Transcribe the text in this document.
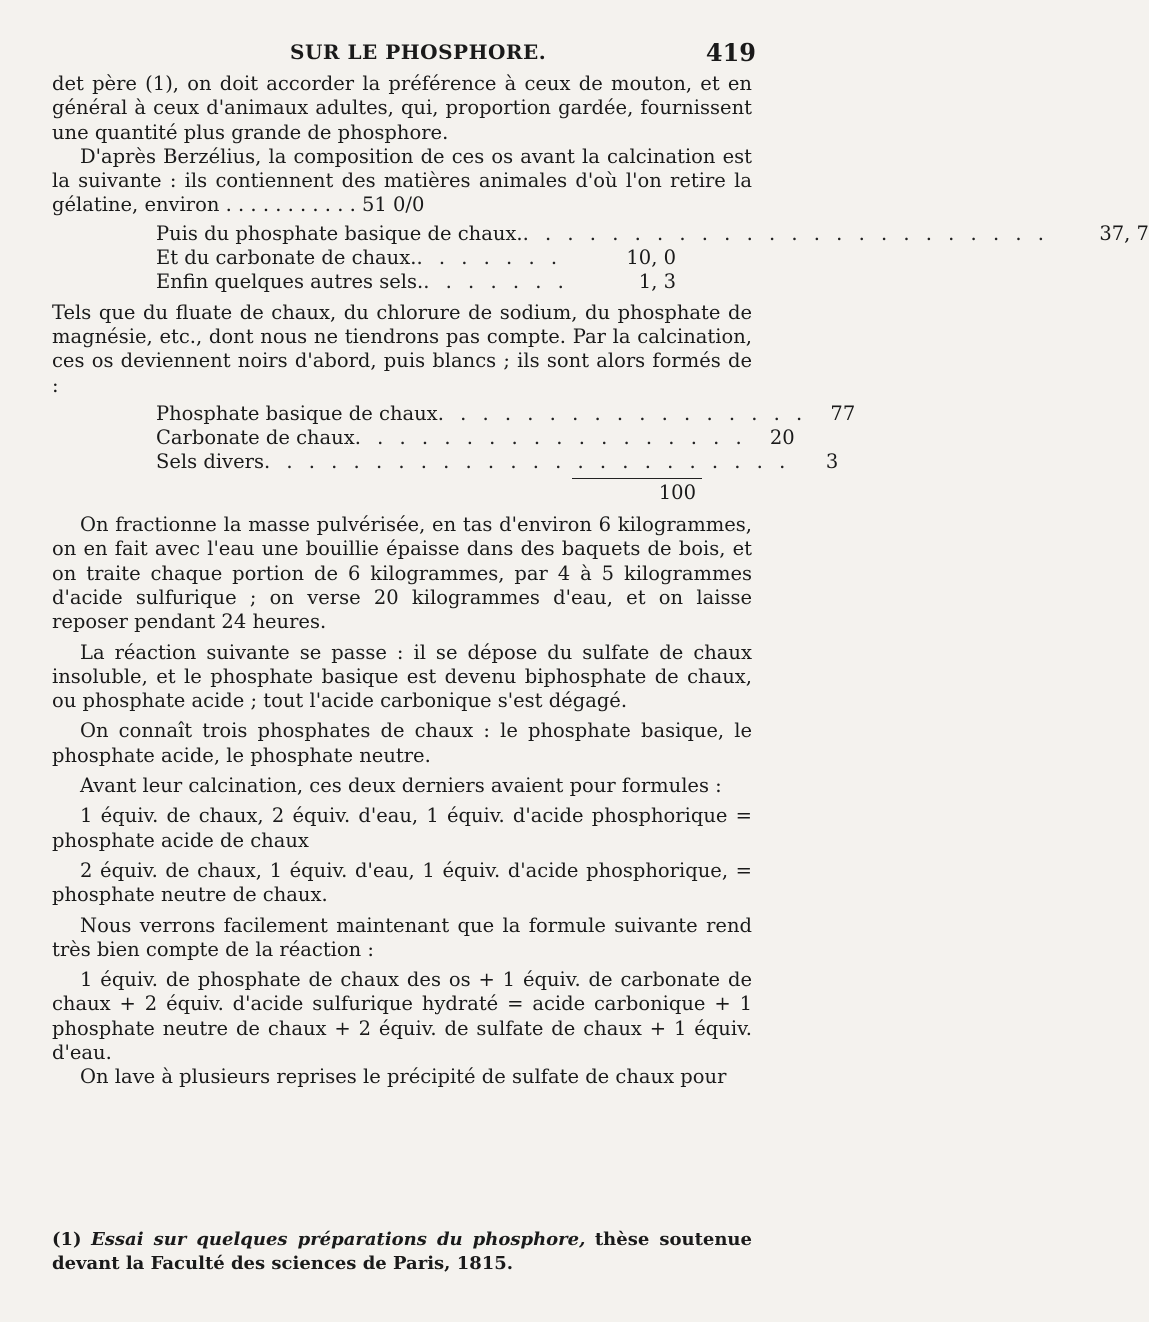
SUR LE PHOSPHORE.	419

det père (1), on doit accorder la préférence à ceux de mouton, et en général à ceux d'animaux adultes, qui, proportion gardée, fournissent une quantité plus grande de phosphore.

D'après Berzélius, la composition de ces os avant la calcination est la suivante : ils contiennent des matières animales d'où l'on retire la gélatine, environ . . . . . . . . . . . 51 0/0

Puis du phosphate basique de chaux. . . . . . . . . . . . . . . . . . . . . . . . .	37, 7
Et du carbonate de chaux. . . . . . . .	10, 0
Enfin quelques autres sels. . . . . . . .	1, 3

Tels que du fluate de chaux, du chlorure de sodium, du phosphate de magnésie, etc., dont nous ne tiendrons pas compte. Par la calcination, ces os deviennent noirs d'abord, puis blancs ; ils sont alors formés de :

Phosphate basique de chaux . . . . . . . . . . . . . . . . .	77
Carbonate de chaux . . . . . . . . . . . . . . . . . .	20
Sels divers . . . . . . . . . . . . . . . . . . . . . . . .	3
100

On fractionne la masse pulvérisée, en tas d'environ 6 kilogrammes, on en fait avec l'eau une bouillie épaisse dans des baquets de bois, et on traite chaque portion de 6 kilogrammes, par 4 à 5 kilogrammes d'acide sulfurique ; on verse 20 kilogrammes d'eau, et on laisse reposer pendant 24 heures.

La réaction suivante se passe : il se dépose du sulfate de chaux insoluble, et le phosphate basique est devenu biphosphate de chaux, ou phosphate acide ; tout l'acide carbonique s'est dégagé.

On connaît trois phosphates de chaux : le phosphate basique, le phosphate acide, le phosphate neutre.

Avant leur calcination, ces deux derniers avaient pour formules :

1 équiv. de chaux, 2 équiv. d'eau, 1 équiv. d'acide phosphorique = phosphate acide de chaux

2 équiv. de chaux, 1 équiv. d'eau, 1 équiv. d'acide phosphorique, = phosphate neutre de chaux.

Nous verrons facilement maintenant que la formule suivante rend très bien compte de la réaction :

1 équiv. de phosphate de chaux des os + 1 équiv. de carbonate de chaux + 2 équiv. d'acide sulfurique hydraté = acide carbonique + 1 phosphate neutre de chaux + 2 équiv. de sulfate de chaux + 1 équiv. d'eau.

On lave à plusieurs reprises le précipité de sulfate de chaux pour

(1) Essai sur quelques préparations du phosphore, thèse soutenue devant la Faculté des sciences de Paris, 1815.
